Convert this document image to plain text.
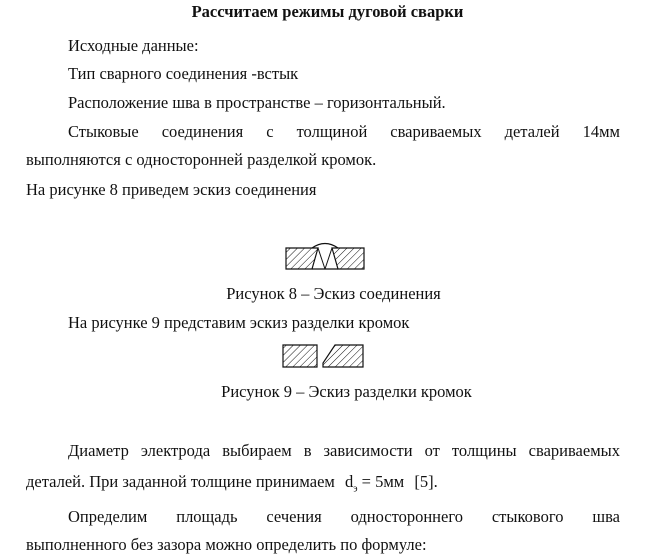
Рассчитаем режимы дуговой сварки
Исходные данные:
Тип сварного соединения -встык
Расположение шва в пространстве – горизонтальный.
Стыковые соединения с толщиной свариваемых деталей 14мм
выполняются с односторонней разделкой кромок.
На рисунке 8 приведем эскиз соединения
Рисунок 8 – Эскиз соединения
На рисунке 9 представим эскиз разделки кромок
Рисунок 9 – Эскиз разделки кромок
Диаметр электрода выбираем в зависимости от толщины свариваемых
деталей. При заданной толщине принимаем $d_э = 5мм$ [5].
Определим площадь сечения одностороннего стыкового шва
выполненного без зазора можно определить по формуле:
